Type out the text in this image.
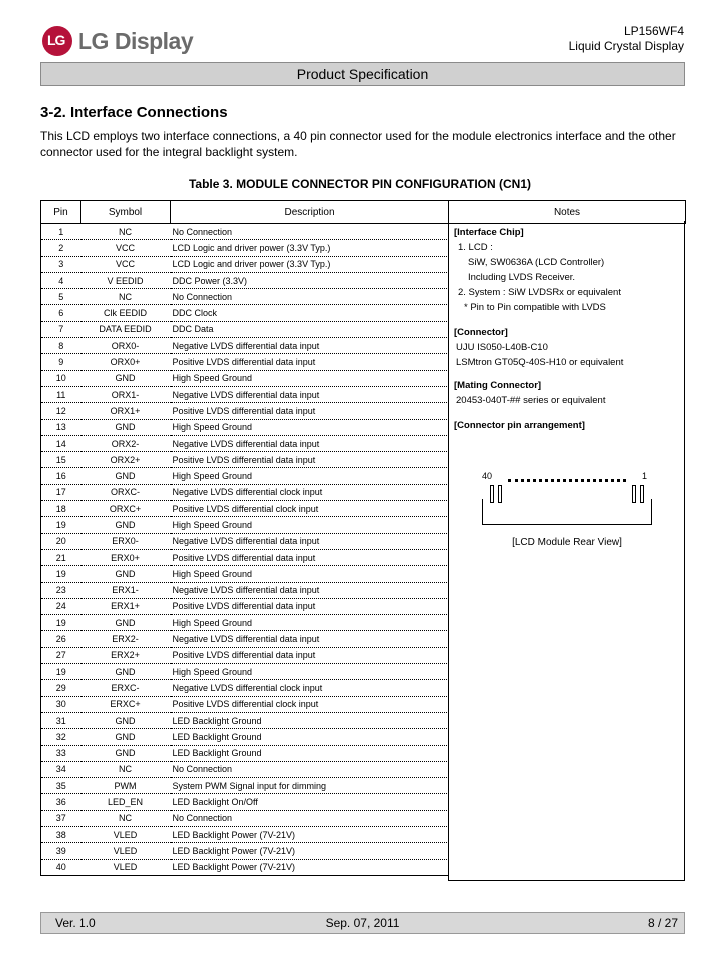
LG LG Display	LP156WF4
Liquid Crystal Display
Product Specification
3-2. Interface Connections
This LCD employs two interface connections, a 40 pin connector used for the module electronics interface and the other connector used for the integral backlight system.
Table 3. MODULE CONNECTOR PIN CONFIGURATION (CN1)
Pin	Symbol	Description	Notes
1	NC	No Connection	
2	VCC	LCD Logic and driver power (3.3V Typ.)	
3	VCC	LCD Logic and driver power (3.3V Typ.)	
4	V EEDID	DDC Power (3.3V)	
5	NC	No Connection	
6	Clk EEDID	DDC Clock	
7	DATA EEDID	DDC Data	
8	ORX0-	Negative LVDS differential data input	
9	ORX0+	Positive LVDS differential data input	
10	GND	High Speed Ground	
11	ORX1-	Negative LVDS differential data input	
12	ORX1+	Positive LVDS differential data input	
13	GND	High Speed Ground	
14	ORX2-	Negative LVDS differential data input	
15	ORX2+	Positive LVDS differential data input	
16	GND	High Speed Ground	
17	ORXC-	Negative LVDS differential clock input	
18	ORXC+	Positive LVDS differential clock input	
19	GND	High Speed Ground	
20	ERX0-	Negative LVDS differential data input	
21	ERX0+	Positive LVDS differential data input	
19	GND	High Speed Ground	
23	ERX1-	Negative LVDS differential data input	
24	ERX1+	Positive LVDS differential data input	
19	GND	High Speed Ground	
26	ERX2-	Negative LVDS differential data input	
27	ERX2+	Positive LVDS differential data input	
19	GND	High Speed Ground	
29	ERXC-	Negative LVDS differential clock input	
30	ERXC+	Positive LVDS differential clock input	
31	GND	LED Backlight Ground	
32	GND	LED Backlight Ground	
33	GND	LED Backlight Ground	
34	NC	No Connection	
35	PWM	System PWM Signal input for dimming	
36	LED_EN	LED Backlight On/Off	
37	NC	No Connection	
38	VLED	LED Backlight Power (7V-21V)	
39	VLED	LED Backlight Power (7V-21V)	
40	VLED	LED Backlight Power (7V-21V)	
[Interface Chip]
1. LCD :
SiW, SW0636A (LCD Controller)
Including LVDS Receiver.
2. System : SiW LVDSRx or equivalent
* Pin to Pin compatible with LVDS
[Connector]
UJU IS050-L40B-C10
LSMtron GT05Q-40S-H10 or equivalent
[Mating Connector]
20453-040T-## series or equivalent
[Connector pin arrangement]
40	1
[LCD Module Rear View]
Ver. 1.0	Sep. 07, 2011	8 / 27
